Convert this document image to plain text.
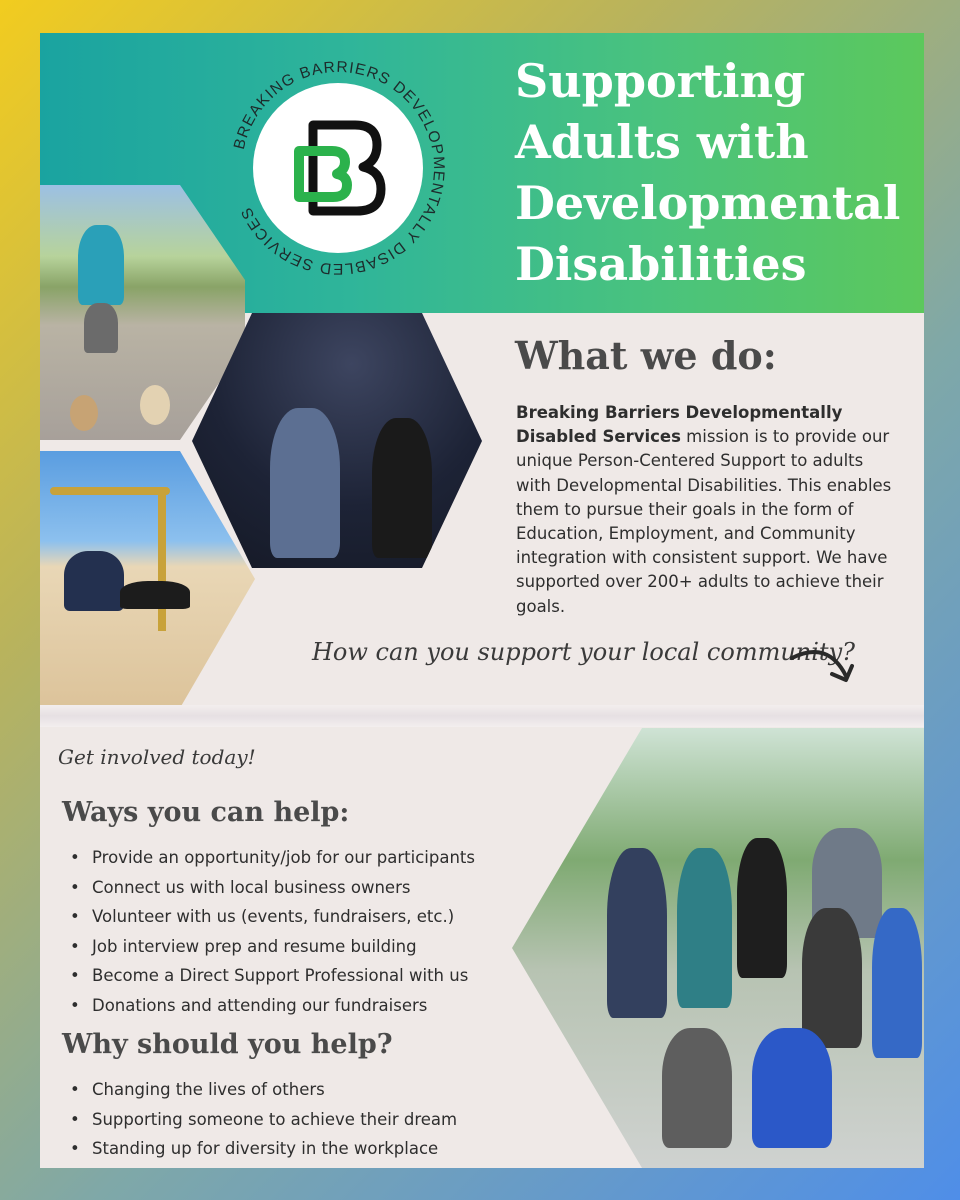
BREAKING BARRIERS DEVELOPMENTALLY DISABLED SERVICES
Supporting
Adults with
Developmental
Disabilities
What we do:
Breaking Barriers Developmentally Disabled Services mission is to provide our unique Person-Centered Support to adults with Developmental Disabilities. This enables them to pursue their goals in the form of Education, Employment, and Community integration with consistent support. We have supported over 200+ adults to achieve their goals.
How can you support your local community?
Get involved today!
Ways you can help:
• Provide an opportunity/job for our participants
• Connect us with local business owners
• Volunteer with us (events, fundraisers, etc.)
• Job interview prep and resume building
• Become a Direct Support Professional with us
• Donations and attending our fundraisers
Why should you help?
• Changing the lives of others
• Supporting someone to achieve their dream
• Standing up for diversity in the workplace
